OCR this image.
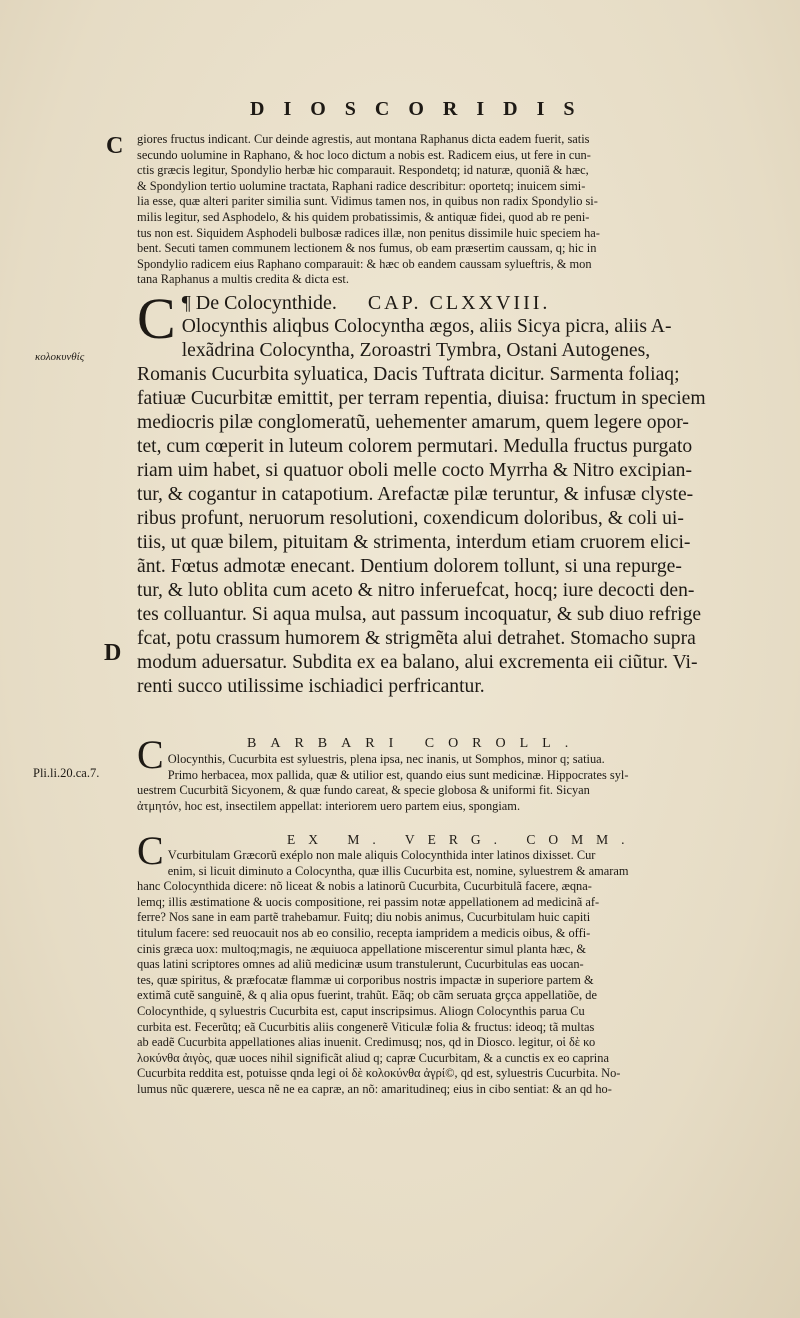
DIOSCORIDIS
C
κολοκυνθίς
D
Pli.li.20.ca.7.

giores fructus indicant. Cur deinde agrestis, aut montana Raphanus dicta eadem fuerit, satis

secundo uolumine in Raphano, & hoc loco dictum a nobis est. Radicem eius, ut fere in cun-

ctis græcis legitur, Spondylio herbæ hic comparauit. Respondetq; id naturæ, quoniã & hæc,

& Spondylion tertio uolumine tractata, Raphani radice describitur: oportetq; inuicem simi-

lia esse, quæ alteri pariter similia sunt. Vidimus tamen nos, in quibus non radix Spondylio si-

milis legitur, sed Asphodelo, & his quidem probatissimis, & antiquæ fidei, quod ab re peni-

tus non est. Siquidem Asphodeli bulbosæ radices illæ, non penitus dissimile huic speciem ha-

bent. Secuti tamen communem lectionem & nos fumus, ob eam præsertim caussam, q; hic in

Spondylio radicem eius Raphano comparauit: & hæc ob eandem caussam sylueftris, & mon

tana Raphanus a multis credita & dicta est.

C ¶ De Colocynthide. CAP. CLXXVIII.

Olocynthis aliqbus Colocyntha ægos, aliis Sicya picra, aliis A-

lexãdrina Colocyntha, Zoroastri Tymbra, Ostani Autogenes,

Romanis Cucurbita syluatica, Dacis Tuftrata dicitur. Sarmenta foliaq;

fatiuæ Cucurbitæ emittit, per terram repentia, diuisa: fructum in speciem

mediocris pilæ conglomeratũ, uehementer amarum, quem legere opor-

tet, cum cœperit in luteum colorem permutari. Medulla fructus purgato

riam uim habet, si quatuor oboli melle cocto Myrrha & Nitro excipian-

tur, & cogantur in catapotium. Arefactæ pilæ teruntur, & infusæ clyste-

ribus profunt, neruorum resolutioni, coxendicum doloribus, & coli ui-

tiis, ut quæ bilem, pituitam & strimenta, interdum etiam cruorem elici-

ãnt. Fœtus admotæ enecant. Dentium dolorem tollunt, si una repurge-

tur, & luto oblita cum aceto & nitro inferuefcat, hocq; iure decocti den-

tes colluantur. Si aqua mulsa, aut passum incoquatur, & sub diuo refrige

fcat, potu crassum humorem & strigmẽta alui detrahet. Stomacho supra

modum aduersatur. Subdita ex ea balano, alui excrementa eii ciũtur. Vi-

renti succo utilissime ischiadici perfricantur.

C	BARBARI COROLL.

Olocynthis, Cucurbita est syluestris, plena ipsa, nec inanis, ut Somphos, minor q; satiua.

Primo herbacea, mox pallida, quæ & utilior est, quando eius sunt medicinæ. Hippocrates syl-

uestrem Cucurbitã Sicyonem, & quæ fundo careat, & specie globosa & uniformi fit. Sicyan

ἀτμητόν, hoc est, insectilem appellat: interiorem uero partem eius, spongiam.

C	EX M. VERG. COMM.

Vcurbitulam Græcorũ exéplo non male aliquis Colocynthida inter latinos dixisset. Cur

enim, si licuit diminuto a Colocyntha, quæ illis Cucurbita est, nomine, syluestrem & amaram

hanc Colocynthida dicere: nõ liceat & nobis a latinorũ Cucurbita, Cucurbitulã facere, æqna-

lemq; illis æstimatione & uocis compositione, rei passim notæ appellationem ad medicinã af-

ferre? Nos sane in eam partẽ trahebamur. Fuitq; diu nobis animus, Cucurbitulam huic capiti

titulum facere: sed reuocauit nos ab eo consilio, recepta iampridem a medicis oibus, & offi-

cinis græca uox: multoq;magis, ne æquiuoca appellatione miscerentur simul planta hæc, &

quas latini scriptores omnes ad aliũ medicinæ usum transtulerunt, Cucurbitulas eas uocan-

tes, quæ spiritus, & præfocatæ flammæ ui corporibus nostris impactæ in superiore partem &

extimã cutẽ sanguinẽ, & q alia opus fuerint, trahũt. Eãq; ob cãm seruata grçca appellatiõe, de

Colocynthide, q syluestris Cucurbita est, caput inscripsimus. Aliogn Colocynthis parua Cu

curbita est. Fecerũtq; eã Cucurbitis aliis congenerẽ Viticulæ folia & fructus: ideoq; tã multas

ab eadẽ Cucurbita appellationes alias inuenit. Credimusq; nos, qd in Diosco. legitur, οἱ δὲ κο

λοκύνθα ἀιγὸς, quæ uoces nihil significãt aliud q; capræ Cucurbitam, & a cunctis ex eo caprina

Cucurbita reddita est, potuisse qnda legi οἱ δὲ κολοκύνθα ἀγρί©, qd est, syluestris Cucurbita. No-

lumus nũc quærere, uesca nẽ ne ea capræ, an nõ: amaritudineq; eius in cibo sentiat: & an qd ho-
